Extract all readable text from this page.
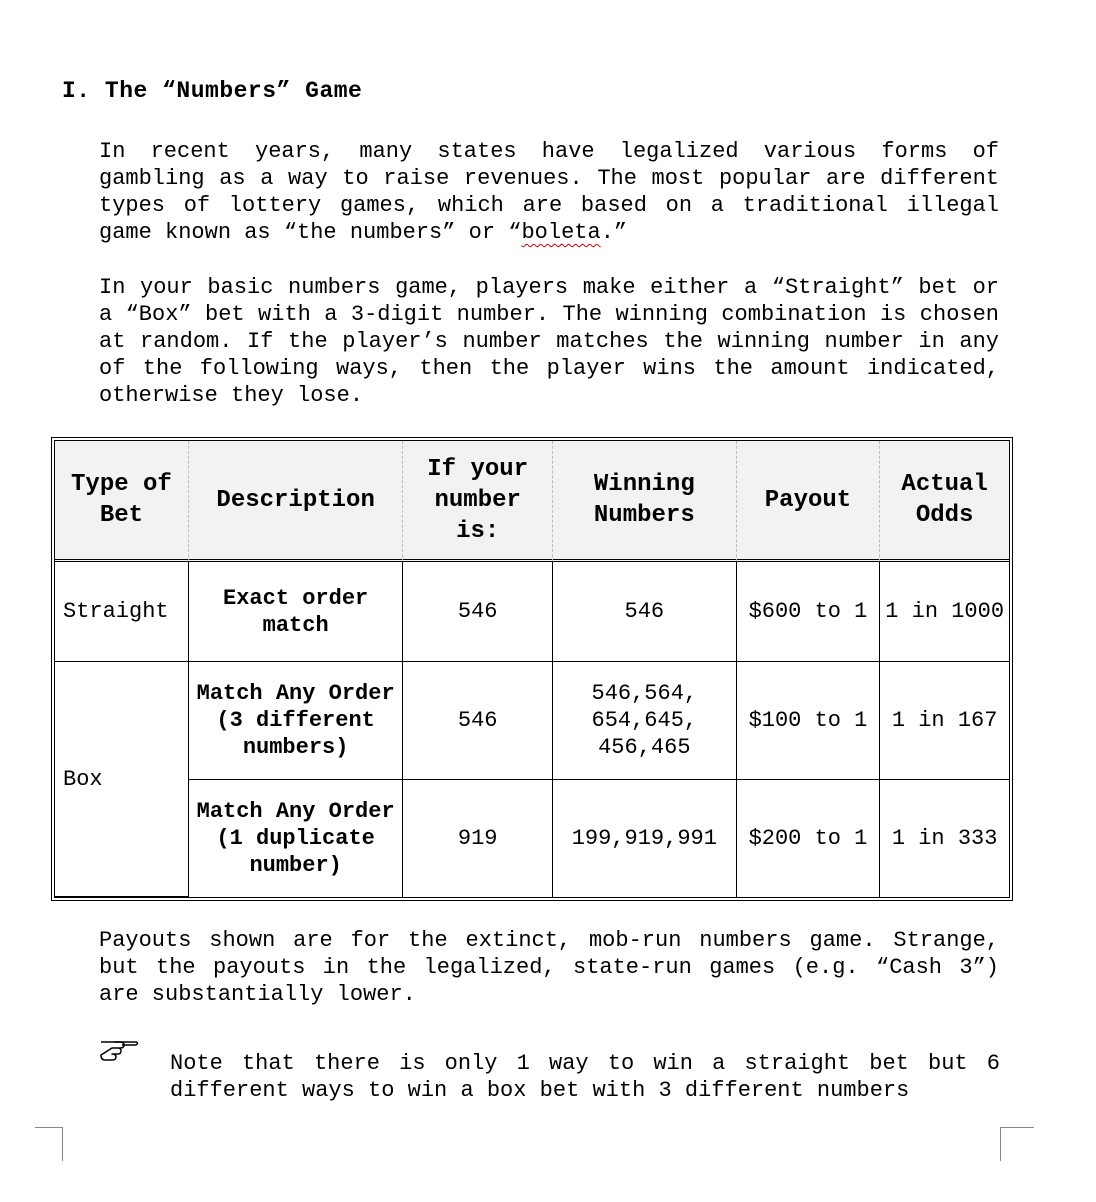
I. The “Numbers” Game
In recent years, many states have legalized various forms of gambling as a way to raise revenues. The most popular are different types of lottery games, which are based on a traditional illegal game known as “the numbers” or “boleta.”
In your basic numbers game, players make either a “Straight” bet or a “Box” bet with a 3-digit number. The winning combination is chosen at random. If the player’s number matches the winning number in any of the following ways, then the player wins the amount indicated, otherwise they lose.
Type of Bet	Description	If your number is:	Winning Numbers	Payout	Actual Odds
Straight	Exact order match	546	546	$600 to 1	1 in 1000
Box	Match Any Order (3 different numbers)	546	546,564, 654,645, 456,465	$100 to 1	1 in 167
	Match Any Order (1 duplicate number)	919	199,919,991	$200 to 1	1 in 333
Payouts shown are for the extinct, mob-run numbers game. Strange, but the payouts in the legalized, state-run games (e.g. “Cash 3”) are substantially lower.
Note that there is only 1 way to win a straight bet but 6 different ways to win a box bet with 3 different numbers
